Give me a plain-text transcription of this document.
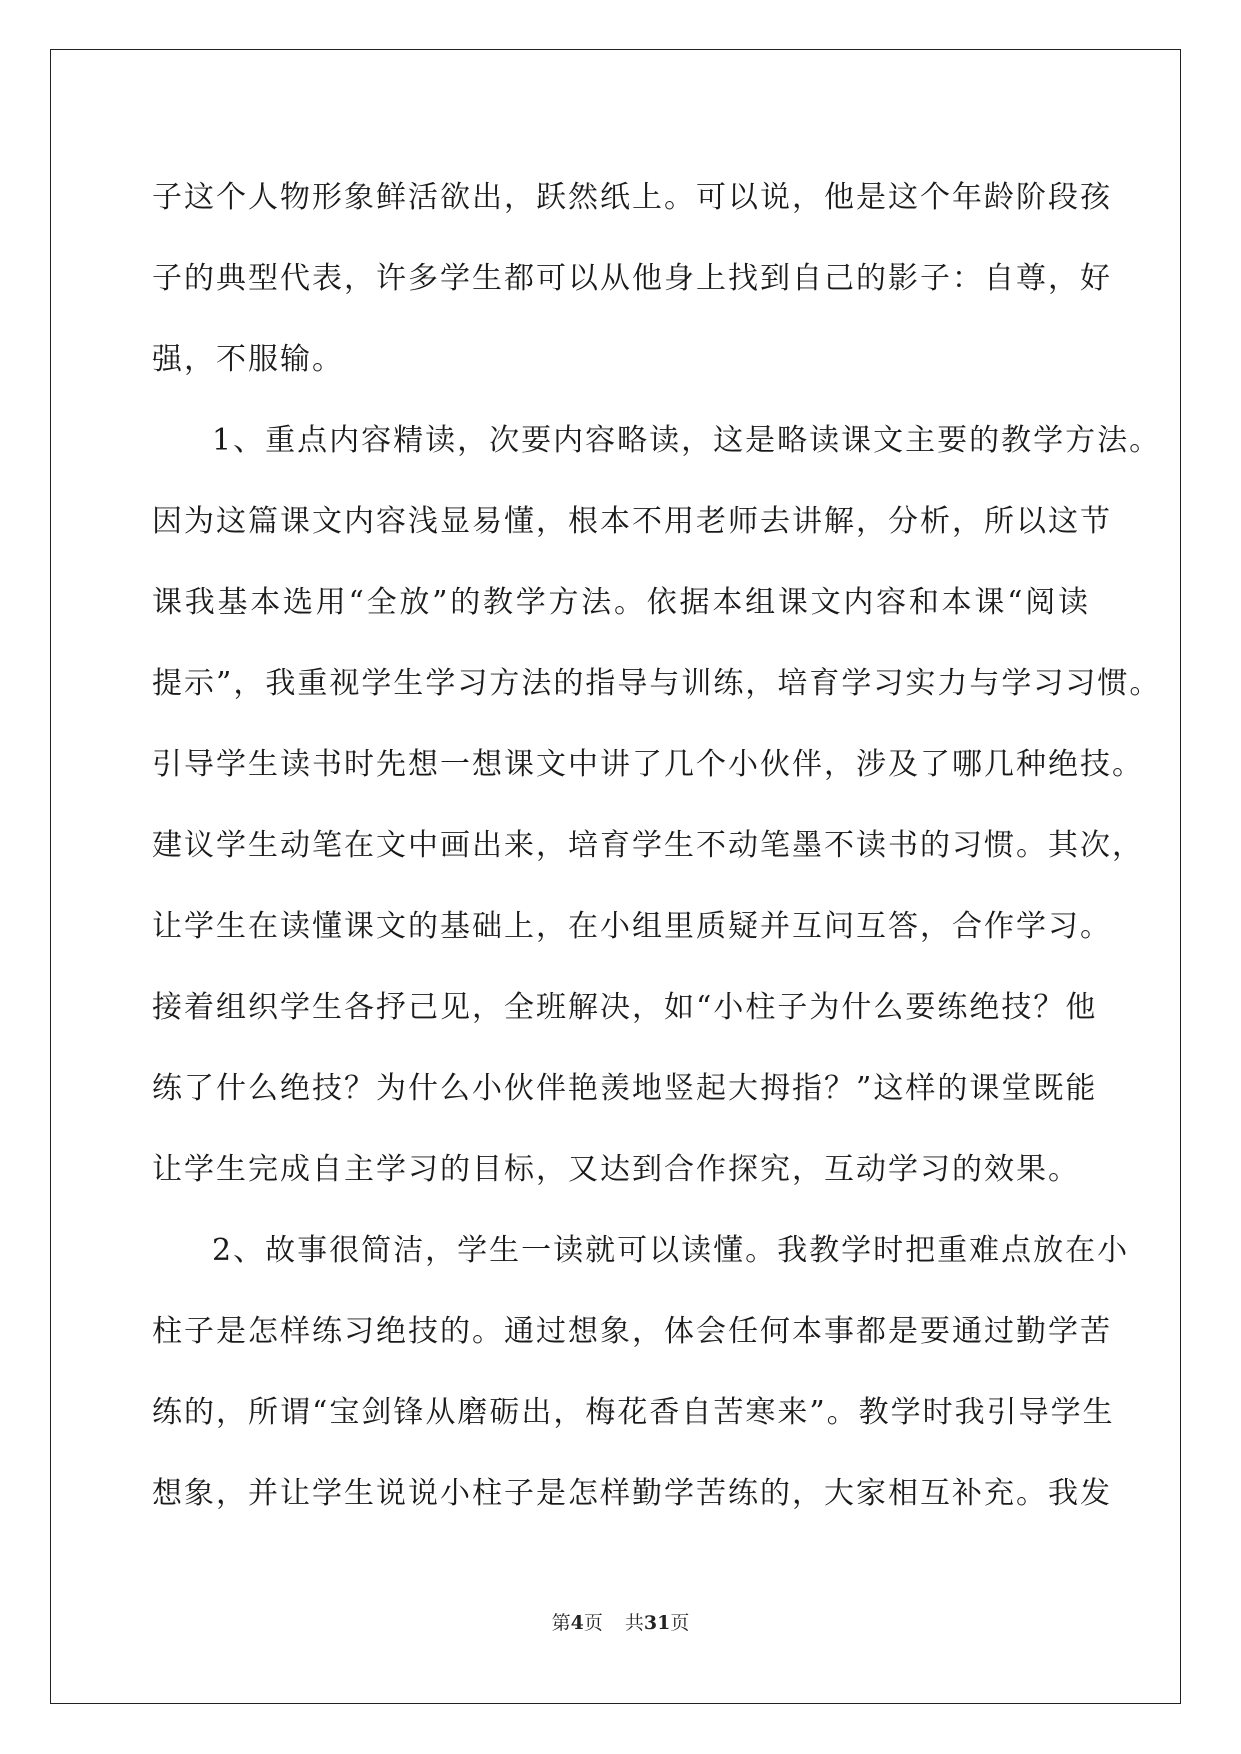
子这个人物形象鲜活欲出，跃然纸上。可以说，他是这个年龄阶段孩
子的典型代表，许多学生都可以从他身上找到自己的影子：自尊，好
强，不服输。
1、重点内容精读，次要内容略读，这是略读课文主要的教学方法。
因为这篇课文内容浅显易懂，根本不用老师去讲解，分析，所以这节
课我基本选用“全放”的教学方法。依据本组课文内容和本课“阅读
提示”，我重视学生学习方法的指导与训练，培育学习实力与学习习惯。
引导学生读书时先想一想课文中讲了几个小伙伴，涉及了哪几种绝技。
建议学生动笔在文中画出来，培育学生不动笔墨不读书的习惯。其次，
让学生在读懂课文的基础上，在小组里质疑并互问互答，合作学习。
接着组织学生各抒己见，全班解决，如“小柱子为什么要练绝技？他
练了什么绝技？为什么小伙伴艳羡地竖起大拇指？”这样的课堂既能
让学生完成自主学习的目标，又达到合作探究，互动学习的效果。
2、故事很简洁，学生一读就可以读懂。我教学时把重难点放在小
柱子是怎样练习绝技的。通过想象，体会任何本事都是要通过勤学苦
练的，所谓“宝剑锋从磨砺出，梅花香自苦寒来”。教学时我引导学生
想象，并让学生说说小柱子是怎样勤学苦练的，大家相互补充。我发
第4页 共31页
